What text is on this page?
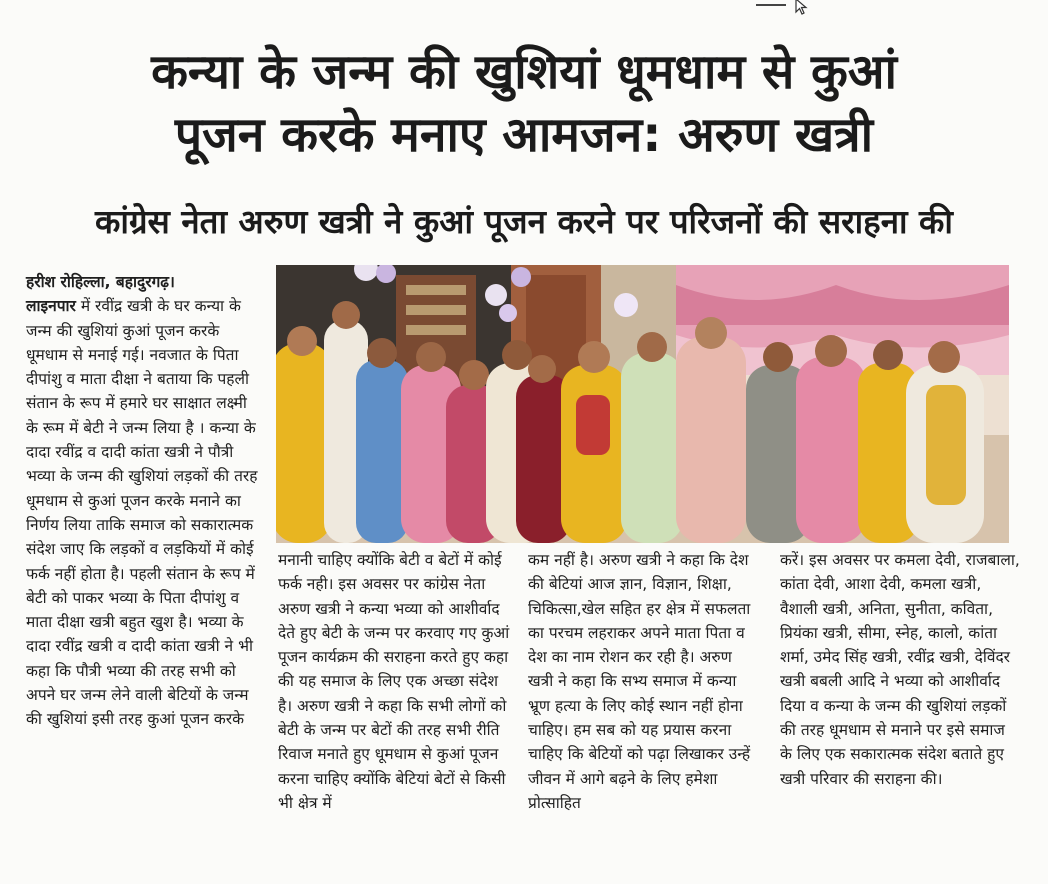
कन्या के जन्म की खुशियां धूमधाम से कुआं
पूजन करके मनाए आमजन: अरुण खत्री
कांग्रेस नेता अरुण खत्री ने कुआं पूजन करने पर परिजनों की सराहना की

हरीश रोहिल्ला, बहादुरगढ़।
लाइनपार में रवींद्र खत्री के घर कन्या के जन्म की खुशियां कुआं पूजन करके धूमधाम से मनाई गई। नवजात के पिता दीपांशु व माता दीक्षा ने बताया कि पहली संतान के रूप में हमारे घर साक्षात लक्ष्मी के रूम में बेटी ने जन्म लिया है । कन्या के दादा रवींद्र व दादी कांता खत्री ने पौत्री भव्या के जन्म की खुशियां लड़कों की तरह धूमधाम से कुआं पूजन करके मनाने का निर्णय लिया ताकि समाज को सकारात्मक संदेश जाए कि लड़कों व लड़कियों में कोई फर्क नहीं होता है। पहली संतान के रूप में बेटी को पाकर भव्या के पिता दीपांशु व माता दीक्षा खत्री बहुत खुश है। भव्या के दादा रवींद्र खत्री व दादी कांता खत्री ने भी कहा कि पौत्री भव्या की तरह सभी को अपने घर जन्म लेने वाली बेटियों के जन्म की खुशियां इसी तरह कुआं पूजन करके

मनानी चाहिए क्योंकि बेटी व बेटों में कोई फर्क नही। इस अवसर पर कांग्रेस नेता अरुण खत्री ने कन्या भव्या को आशीर्वाद देते हुए बेटी के जन्म पर करवाए गए कुआं पूजन कार्यक्रम की सराहना करते हुए कहा की यह समाज के लिए एक अच्छा संदेश है। अरुण खत्री ने कहा कि सभी लोगों को बेटी के जन्म पर बेटों की तरह सभी रीति रिवाज मनाते हुए धूमधाम से कुआं पूजन करना चाहिए क्योंकि बेटियां बेटों से किसी भी क्षेत्र में

कम नहीं है। अरुण खत्री ने कहा कि देश की बेटियां आज ज्ञान, विज्ञान, शिक्षा, चिकित्सा,खेल सहित हर क्षेत्र में सफलता का परचम लहराकर अपने माता पिता व देश का नाम रोशन कर रही है। अरुण खत्री ने कहा कि सभ्य समाज में कन्या भ्रूण हत्या के लिए कोई स्थान नहीं होना चाहिए। हम सब को यह प्रयास करना चाहिए कि बेटियों को पढ़ा लिखाकर उन्हें जीवन में आगे बढ़ने के लिए हमेशा प्रोत्साहित

करें। इस अवसर पर कमला देवी, राजबाला, कांता देवी, आशा देवी, कमला खत्री, वैशाली खत्री, अनिता, सुनीता, कविता, प्रियंका खत्री, सीमा, स्नेह, कालो, कांता शर्मा, उमेद सिंह खत्री, रवींद्र खत्री, देविंदर खत्री बबली आदि ने भव्या को आशीर्वाद दिया व कन्या के जन्म की खुशियां लड़कों की तरह धूमधाम से मनाने पर इसे समाज के लिए एक सकारात्मक संदेश बताते हुए खत्री परिवार की सराहना की।
